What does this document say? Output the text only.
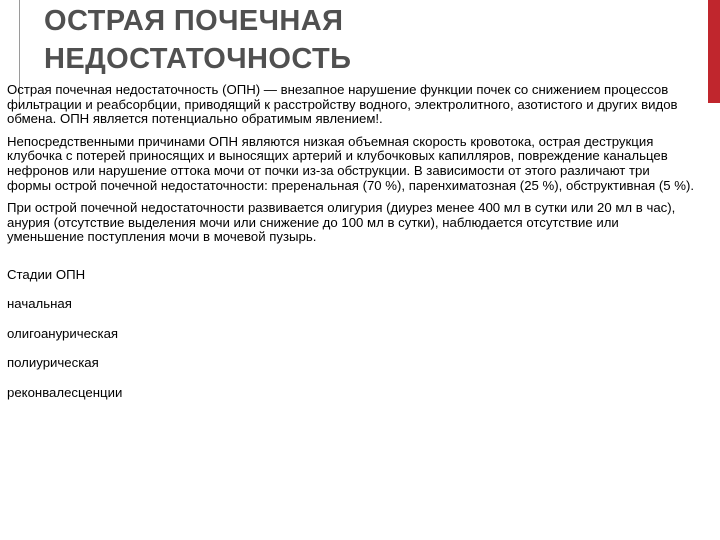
ОСТРАЯ ПОЧЕЧНАЯ
НЕДОСТАТОЧНОСТЬ

Острая почечная недостаточность (ОПН) — внезапное нарушение функции почек со снижением процессов фильтрации и реабсорбции, приводящий к расстройству водного, электролитного, азотистого и других видов обмена. ОПН является потенциально обратимым явлением!.

Непосредственными причинами ОПН являются низкая объемная скорость кровотока, острая деструкция клубочка с потерей приносящих и выносящих артерий и клубочковых капилляров, повреждение канальцев нефронов или нарушение оттока мочи от почки из-за обструкции. В зависимости от этого различают три формы острой почечной недостаточности: преренальная (70 %), паренхиматозная (25 %), обструктивная (5 %).

При острой почечной недостаточности развивается олигурия (диурез менее 400 мл в сутки или 20 мл в час), анурия (отсутствие выделения мочи или снижение до 100 мл в сутки), наблюдается отсутствие или уменьшение поступления мочи в мочевой пузырь.

Стадии ОПН
начальная
олигоанурическая
полиурическая
реконвалесценции
